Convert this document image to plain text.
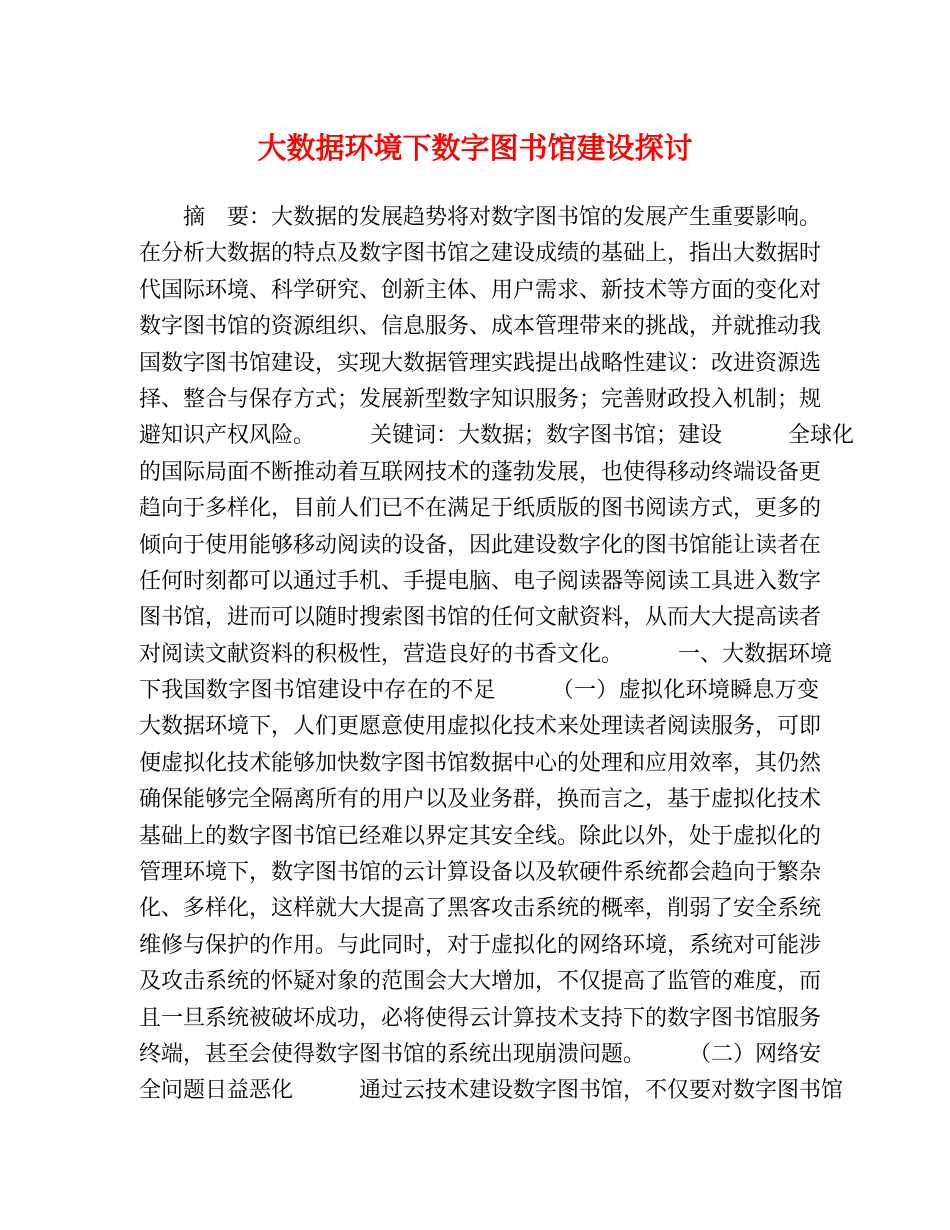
大数据环境下数字图书馆建设探讨
　　摘　要：大数据的发展趋势将对数字图书馆的发展产生重要影响。
在分析大数据的特点及数字图书馆之建设成绩的基础上，指出大数据时
代国际环境、科学研究、创新主体、用户需求、新技术等方面的变化对
数字图书馆的资源组织、信息服务、成本管理带来的挑战，并就推动我
国数字图书馆建设，实现大数据管理实践提出战略性建议：改进资源选
择、整合与保存方式；发展新型数字知识服务；完善财政投入机制；规
避知识产权风险。　　　关键词：大数据；数字图书馆；建设　　　全球化
的国际局面不断推动着互联网技术的蓬勃发展，也使得移动终端设备更
趋向于多样化，目前人们已不在满足于纸质版的图书阅读方式，更多的
倾向于使用能够移动阅读的设备，因此建设数字化的图书馆能让读者在
任何时刻都可以通过手机、手提电脑、电子阅读器等阅读工具进入数字
图书馆，进而可以随时搜索图书馆的任何文献资料，从而大大提高读者
对阅读文献资料的积极性，营造良好的书香文化。　　　一、大数据环境
下我国数字图书馆建设中存在的不足　　　（一）虚拟化环境瞬息万变
大数据环境下，人们更愿意使用虚拟化技术来处理读者阅读服务，可即
便虚拟化技术能够加快数字图书馆数据中心的处理和应用效率，其仍然
确保能够完全隔离所有的用户以及业务群，换而言之，基于虚拟化技术
基础上的数字图书馆已经难以界定其安全线。除此以外，处于虚拟化的
管理环境下，数字图书馆的云计算设备以及软硬件系统都会趋向于繁杂
化、多样化，这样就大大提高了黑客攻击系统的概率，削弱了安全系统
维修与保护的作用。与此同时，对于虚拟化的网络环境，系统对可能涉
及攻击系统的怀疑对象的范围会大大增加，不仅提高了监管的难度，而
且一旦系统被破坏成功，必将使得云计算技术支持下的数字图书馆服务
终端，甚至会使得数字图书馆的系统出现崩溃问题。　　　（二）网络安
全问题日益恶化　　　通过云技术建设数字图书馆，不仅要对数字图书馆
